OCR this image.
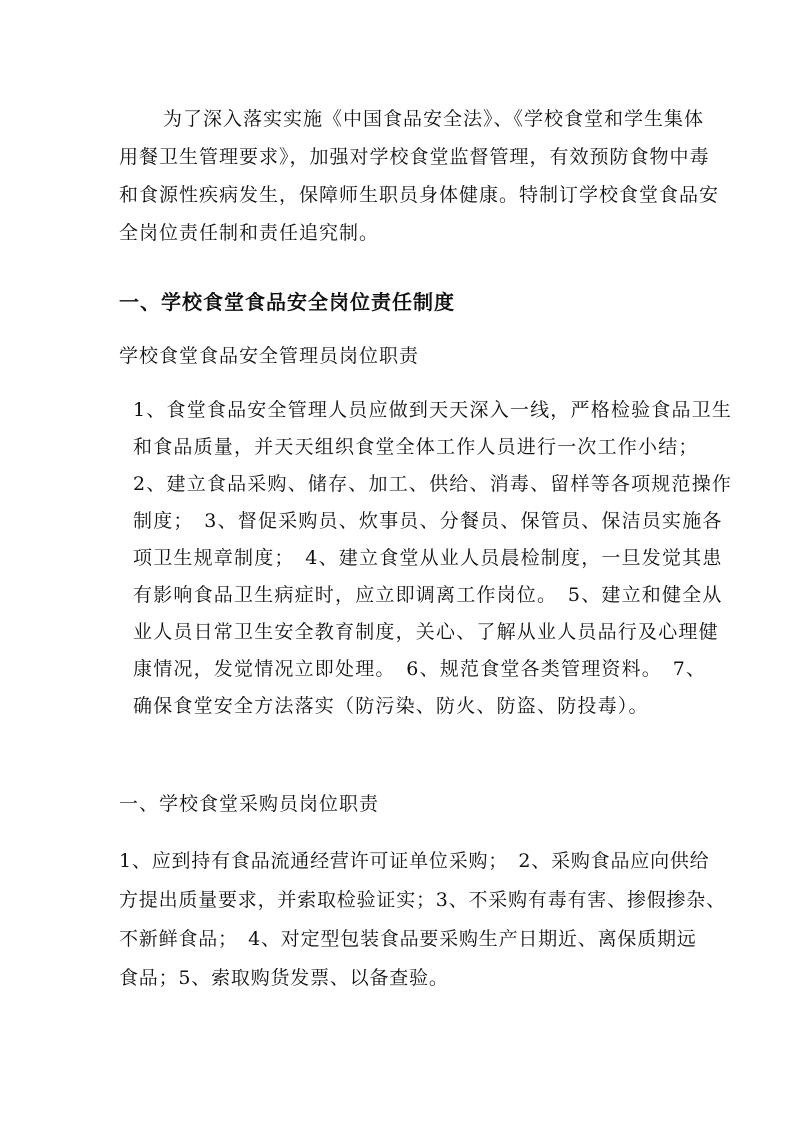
为了深入落实实施《中国食品安全法》、《学校食堂和学生集体
用餐卫生管理要求》，加强对学校食堂监督管理，有效预防食物中毒
和食源性疾病发生，保障师生职员身体健康。特制订学校食堂食品安
全岗位责任制和责任追究制。
一、学校食堂食品安全岗位责任制度
学校食堂食品安全管理员岗位职责
1、食堂食品安全管理人员应做到天天深入一线，严格检验食品卫生
和食品质量，并天天组织食堂全体工作人员进行一次工作小结；
2、建立食品采购、储存、加工、供给、消毒、留样等各项规范操作
制度；　3、督促采购员、炊事员、分餐员、保管员、保洁员实施各
项卫生规章制度；　4、建立食堂从业人员晨检制度，一旦发觉其患
有影响食品卫生病症时，应立即调离工作岗位。　5、建立和健全从
业人员日常卫生安全教育制度，关心、了解从业人员品行及心理健
康情况，发觉情况立即处理。　6、规范食堂各类管理资料。　7、
确保食堂安全方法落实（防污染、防火、防盗、防投毒）。
一、学校食堂采购员岗位职责
1、应到持有食品流通经营许可证单位采购；　2、采购食品应向供给
方提出质量要求，并索取检验证实；3、不采购有毒有害、掺假掺杂、
不新鲜食品；　4、对定型包装食品要采购生产日期近、离保质期远
食品；5、索取购货发票、以备查验。
